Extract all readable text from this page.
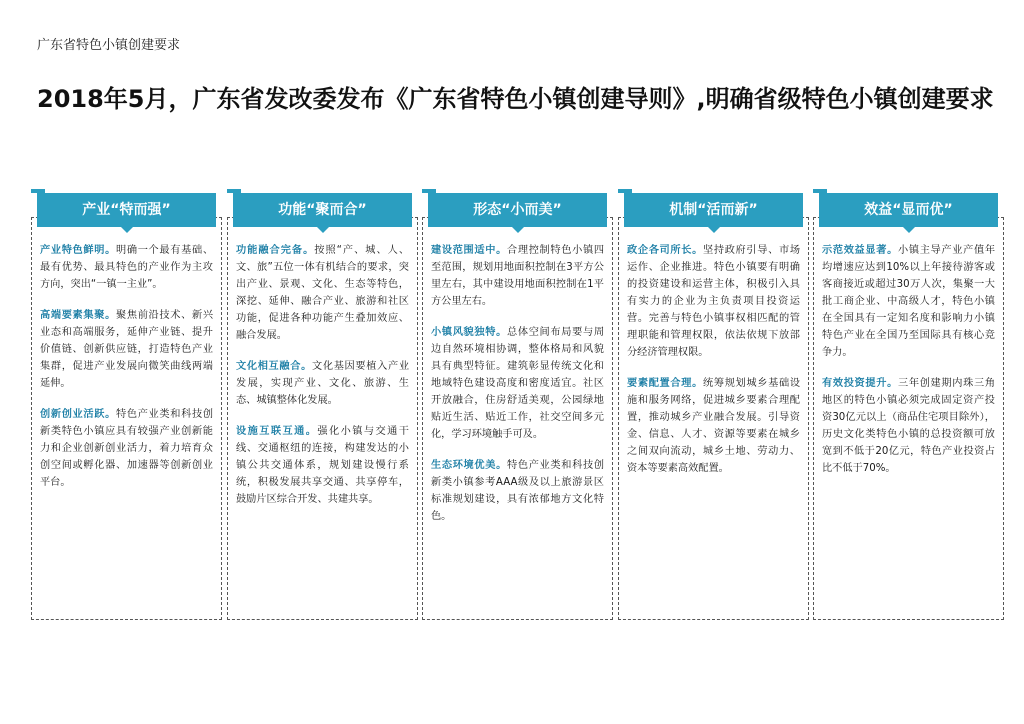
广东省特色小镇创建要求
2018年5月，广东省发改委发布《广东省特色小镇创建导则》,明确省级特色小镇创建要求
产业“特而强”

产业特色鲜明。明确一个最有基础、最有优势、最具特色的产业作为主攻方向，突出“一镇一主业”。

高端要素集聚。聚焦前沿技术、新兴业态和高端服务，延伸产业链、提升价值链、创新供应链，打造特色产业集群，促进产业发展向微笑曲线两端延伸。

创新创业活跃。特色产业类和科技创新类特色小镇应具有较强产业创新能力和企业创新创业活力，着力培育众创空间或孵化器、加速器等创新创业平台。

功能“聚而合”

功能融合完备。按照“产、城、人、文、旅”五位一体有机结合的要求，突出产业、景观、文化、生态等特色，深挖、延伸、融合产业、旅游和社区功能，促进各种功能产生叠加效应、融合发展。

文化相互融合。文化基因要植入产业发展，实现产业、文化、旅游、生态、城镇整体化发展。

设施互联互通。强化小镇与交通干线、交通枢纽的连接，构建发达的小镇公共交通体系，规划建设慢行系统，积极发展共享交通、共享停车，鼓励片区综合开发、共建共享。

形态“小而美”

建设范围适中。合理控制特色小镇四至范围，规划用地面积控制在3平方公里左右，其中建设用地面积控制在1平方公里左右。

小镇风貌独特。总体空间布局要与周边自然环境相协调，整体格局和风貌具有典型特征。建筑彰显传统文化和地域特色建设高度和密度适宜。社区开放融合，住房舒适美观，公园绿地贴近生活、贴近工作，社交空间多元化，学习环境触手可及。

生态环境优美。特色产业类和科技创新类小镇参考AAA级及以上旅游景区标准规划建设，具有浓郁地方文化特色。

机制“活而新”

政企各司所长。坚持政府引导、市场运作、企业推进。特色小镇要有明确的投资建设和运营主体，积极引入具有实力的企业为主负责项目投资运营。完善与特色小镇事权相匹配的管理职能和管理权限，依法依规下放部分经济管理权限。

要素配置合理。统筹规划城乡基础设施和服务网络，促进城乡要素合理配置，推动城乡产业融合发展。引导资金、信息、人才、资源等要素在城乡之间双向流动，城乡土地、劳动力、资本等要素高效配置。

效益“显而优”

示范效益显著。小镇主导产业产值年均增速应达到10%以上年接待游客或客商接近或超过30万人次，集聚一大批工商企业、中高级人才，特色小镇在全国具有一定知名度和影响力小镇特色产业在全国乃至国际具有核心竞争力。

有效投资提升。三年创建期内珠三角地区的特色小镇必须完成固定资产投资30亿元以上（商品住宅项目除外），历史文化类特色小镇的总投资额可放宽到不低于20亿元，特色产业投资占比不低于70%。
